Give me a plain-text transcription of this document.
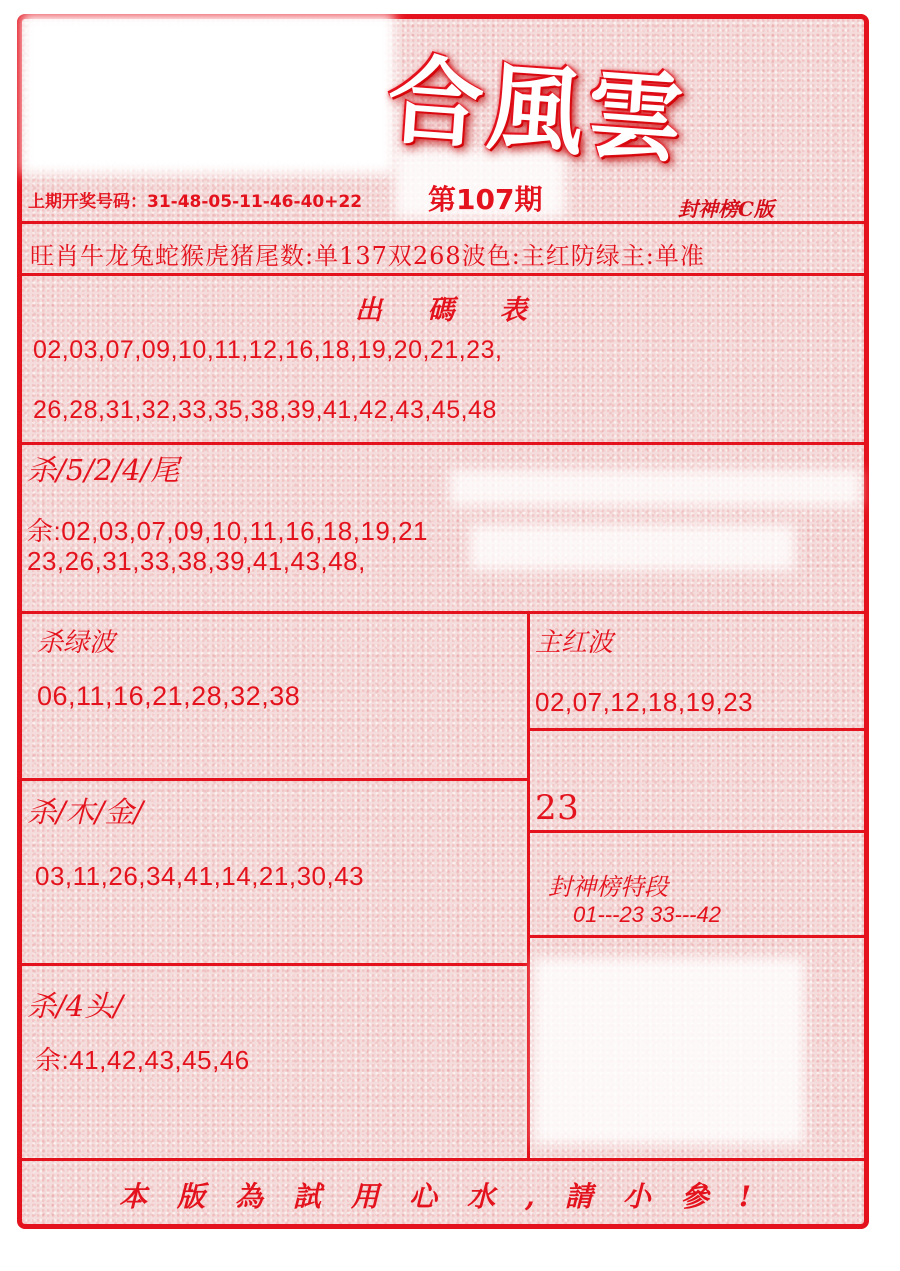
合風雲
上期开奖号码：31-48-05-11-46-40+22 第107期	封神榜C版
旺肖牛龙兔蛇猴虎猪尾数:单137双268波色:主红防绿主:单准
出 碼 表
02,03,07,09,10,11,12,16,18,19,20,21,23,
26,28,31,32,33,35,38,39,41,42,43,45,48
杀/5/2/4/尾
余:02,03,07,09,10,11,16,18,19,21
23,26,31,33,38,39,41,43,48,
杀绿波
06,11,16,21,28,32,38
主红波
02,07,12,18,19,23
23
杀/木/金/
03,11,26,34,41,14,21,30,43	封神榜特段
01---23 33---42
杀/4头/
余:41,42,43,45,46
本版為試用心水,請小參!
